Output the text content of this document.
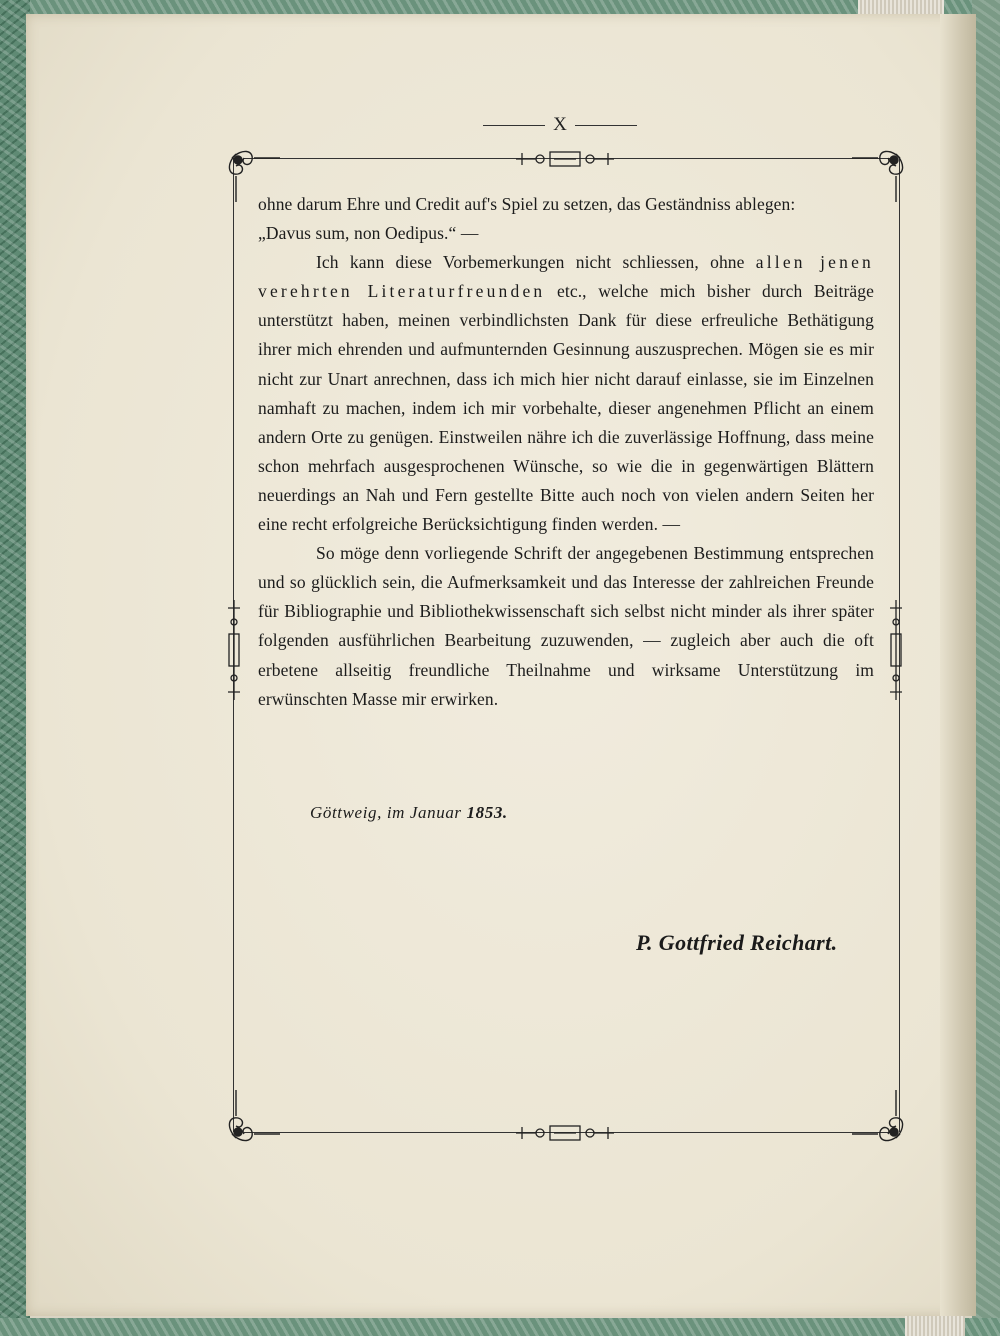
X

ohne darum Ehre und Credit auf's Spiel zu setzen, das Geständniss ablegen:

„Davus sum, non Oedipus.“ —

Ich kann diese Vorbemerkungen nicht schliessen, ohne allen jenen verehrten Literaturfreunden etc., welche mich bisher durch Beiträge unterstützt haben, meinen verbindlichsten Dank für diese erfreuliche Bethätigung ihrer mich ehrenden und aufmunternden Gesinnung auszusprechen. Mögen sie es mir nicht zur Unart anrechnen, dass ich mich hier nicht darauf einlasse, sie im Einzelnen namhaft zu machen, indem ich mir vorbehalte, dieser angenehmen Pflicht an einem andern Orte zu genügen. Einstweilen nähre ich die zuverlässige Hoffnung, dass meine schon mehrfach ausgesprochenen Wünsche, so wie die in gegenwärtigen Blättern neuerdings an Nah und Fern gestellte Bitte auch noch von vielen andern Seiten her eine recht erfolgreiche Berücksichtigung finden werden. —

So möge denn vorliegende Schrift der angegebenen Bestimmung entsprechen und so glücklich sein, die Aufmerksamkeit und das Interesse der zahlreichen Freunde für Bibliographie und Bibliothekwissenschaft sich selbst nicht minder als ihrer später folgenden ausführlichen Bearbeitung zuzuwenden, — zugleich aber auch die oft erbetene allseitig freundliche Theilnahme und wirksame Unterstützung im erwünschten Masse mir erwirken.

Göttweig, im Januar 1853.
P. Gottfried Reichart.
